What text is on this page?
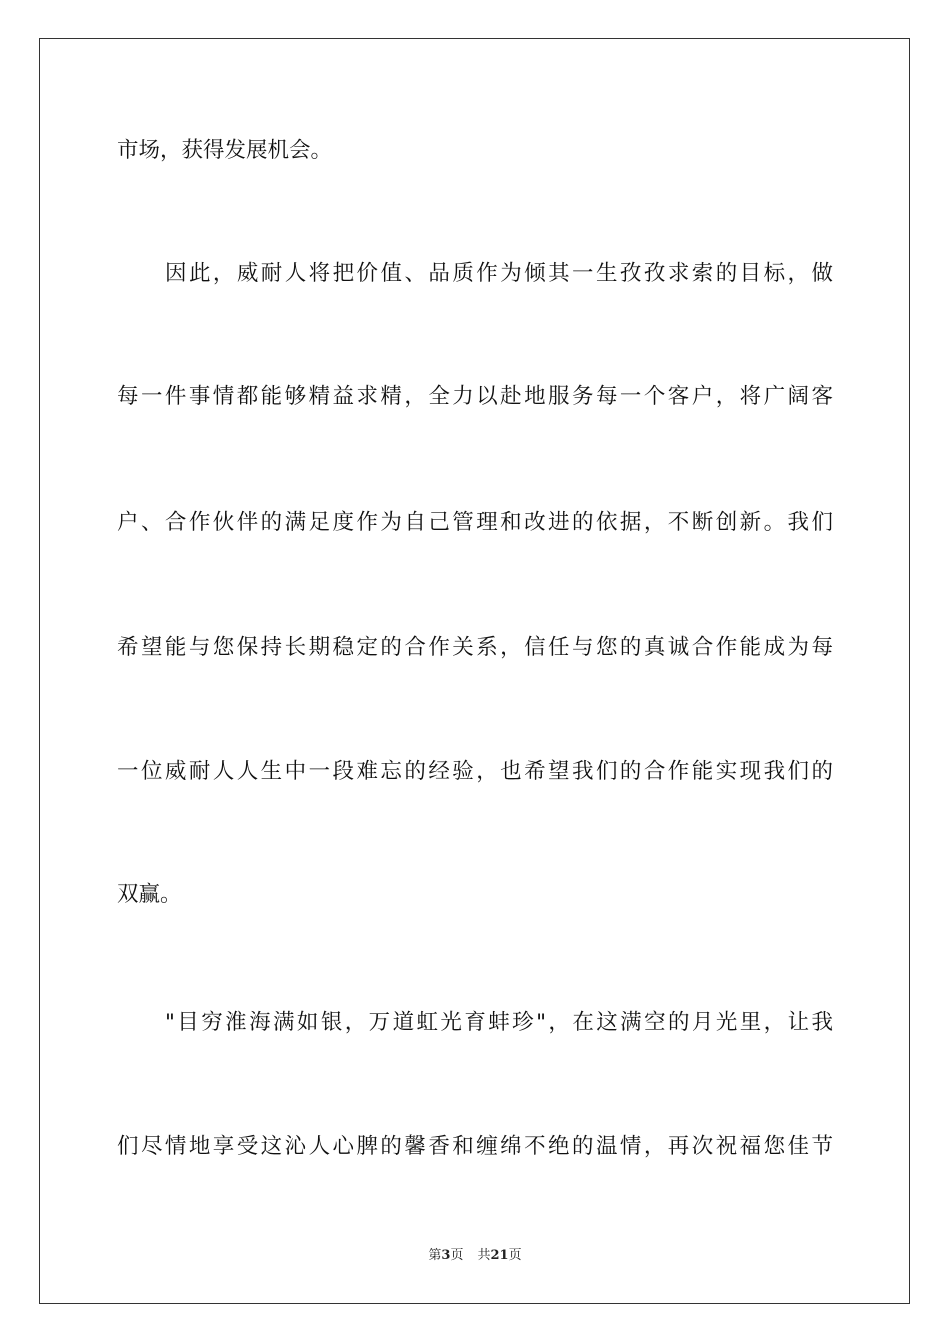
市场，获得发展机会。
因此，威耐人将把价值、品质作为倾其一生孜孜求索的目标，做
每一件事情都能够精益求精，全力以赴地服务每一个客户，将广阔客
户、合作伙伴的满足度作为自己管理和改进的依据，不断创新。我们
希望能与您保持长期稳定的合作关系，信任与您的真诚合作能成为每
一位威耐人人生中一段难忘的经验，也希望我们的合作能实现我们的
双赢。
"目穷淮海满如银，万道虹光育蚌珍"，在这满空的月光里，让我
们尽情地享受这沁人心脾的馨香和缠绵不绝的温情，再次祝福您佳节
第3页 共21页
